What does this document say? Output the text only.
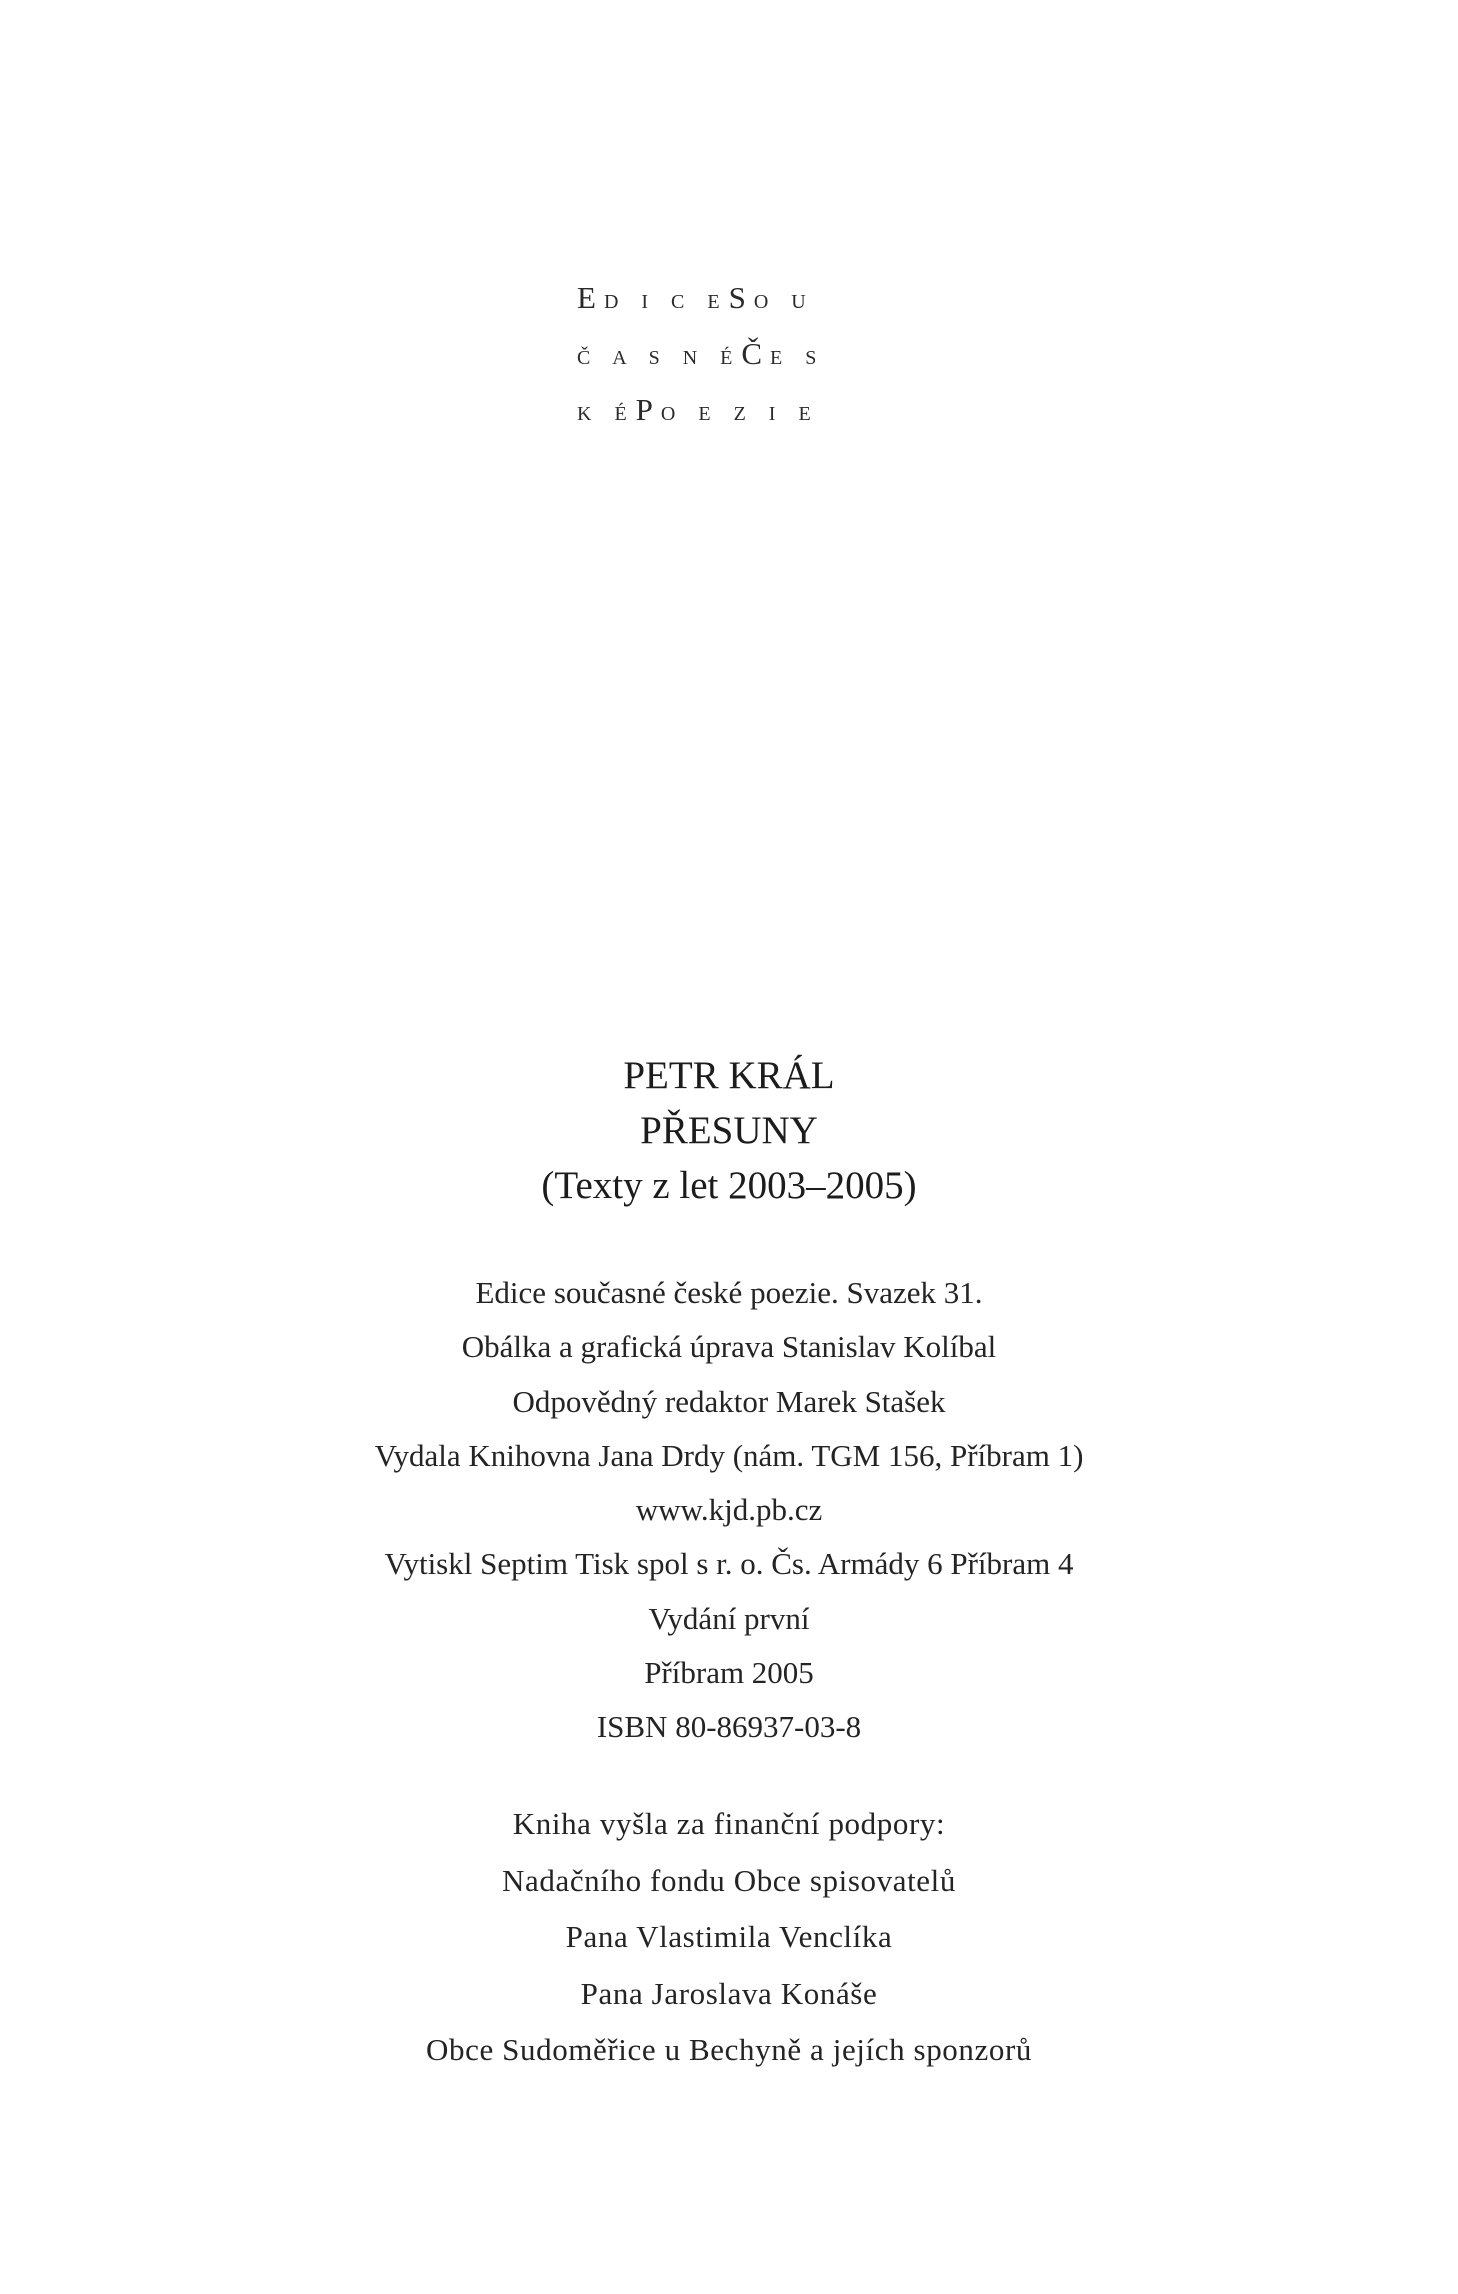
ED I C ESO U
Č A S N ÉČE S
K ÉPO E Z I E
PETR KRÁL
PŘESUNY
(Texty z let 2003–2005)
Edice současné české poezie. Svazek 31.
Obálka a grafická úprava Stanislav Kolíbal
Odpovědný redaktor Marek Stašek
Vydala Knihovna Jana Drdy (nám. TGM 156, Příbram 1)
www.kjd.pb.cz
Vytiskl Septim Tisk spol s r. o. Čs. Armády 6 Příbram 4
Vydání první
Příbram 2005
ISBN 80-86937-03-8
Kniha vyšla za finanční podpory:
Nadačního fondu Obce spisovatelů
Pana Vlastimila Venclíka
Pana Jaroslava Konáše
Obce Sudoměřice u Bechyně a jejích sponzorů
